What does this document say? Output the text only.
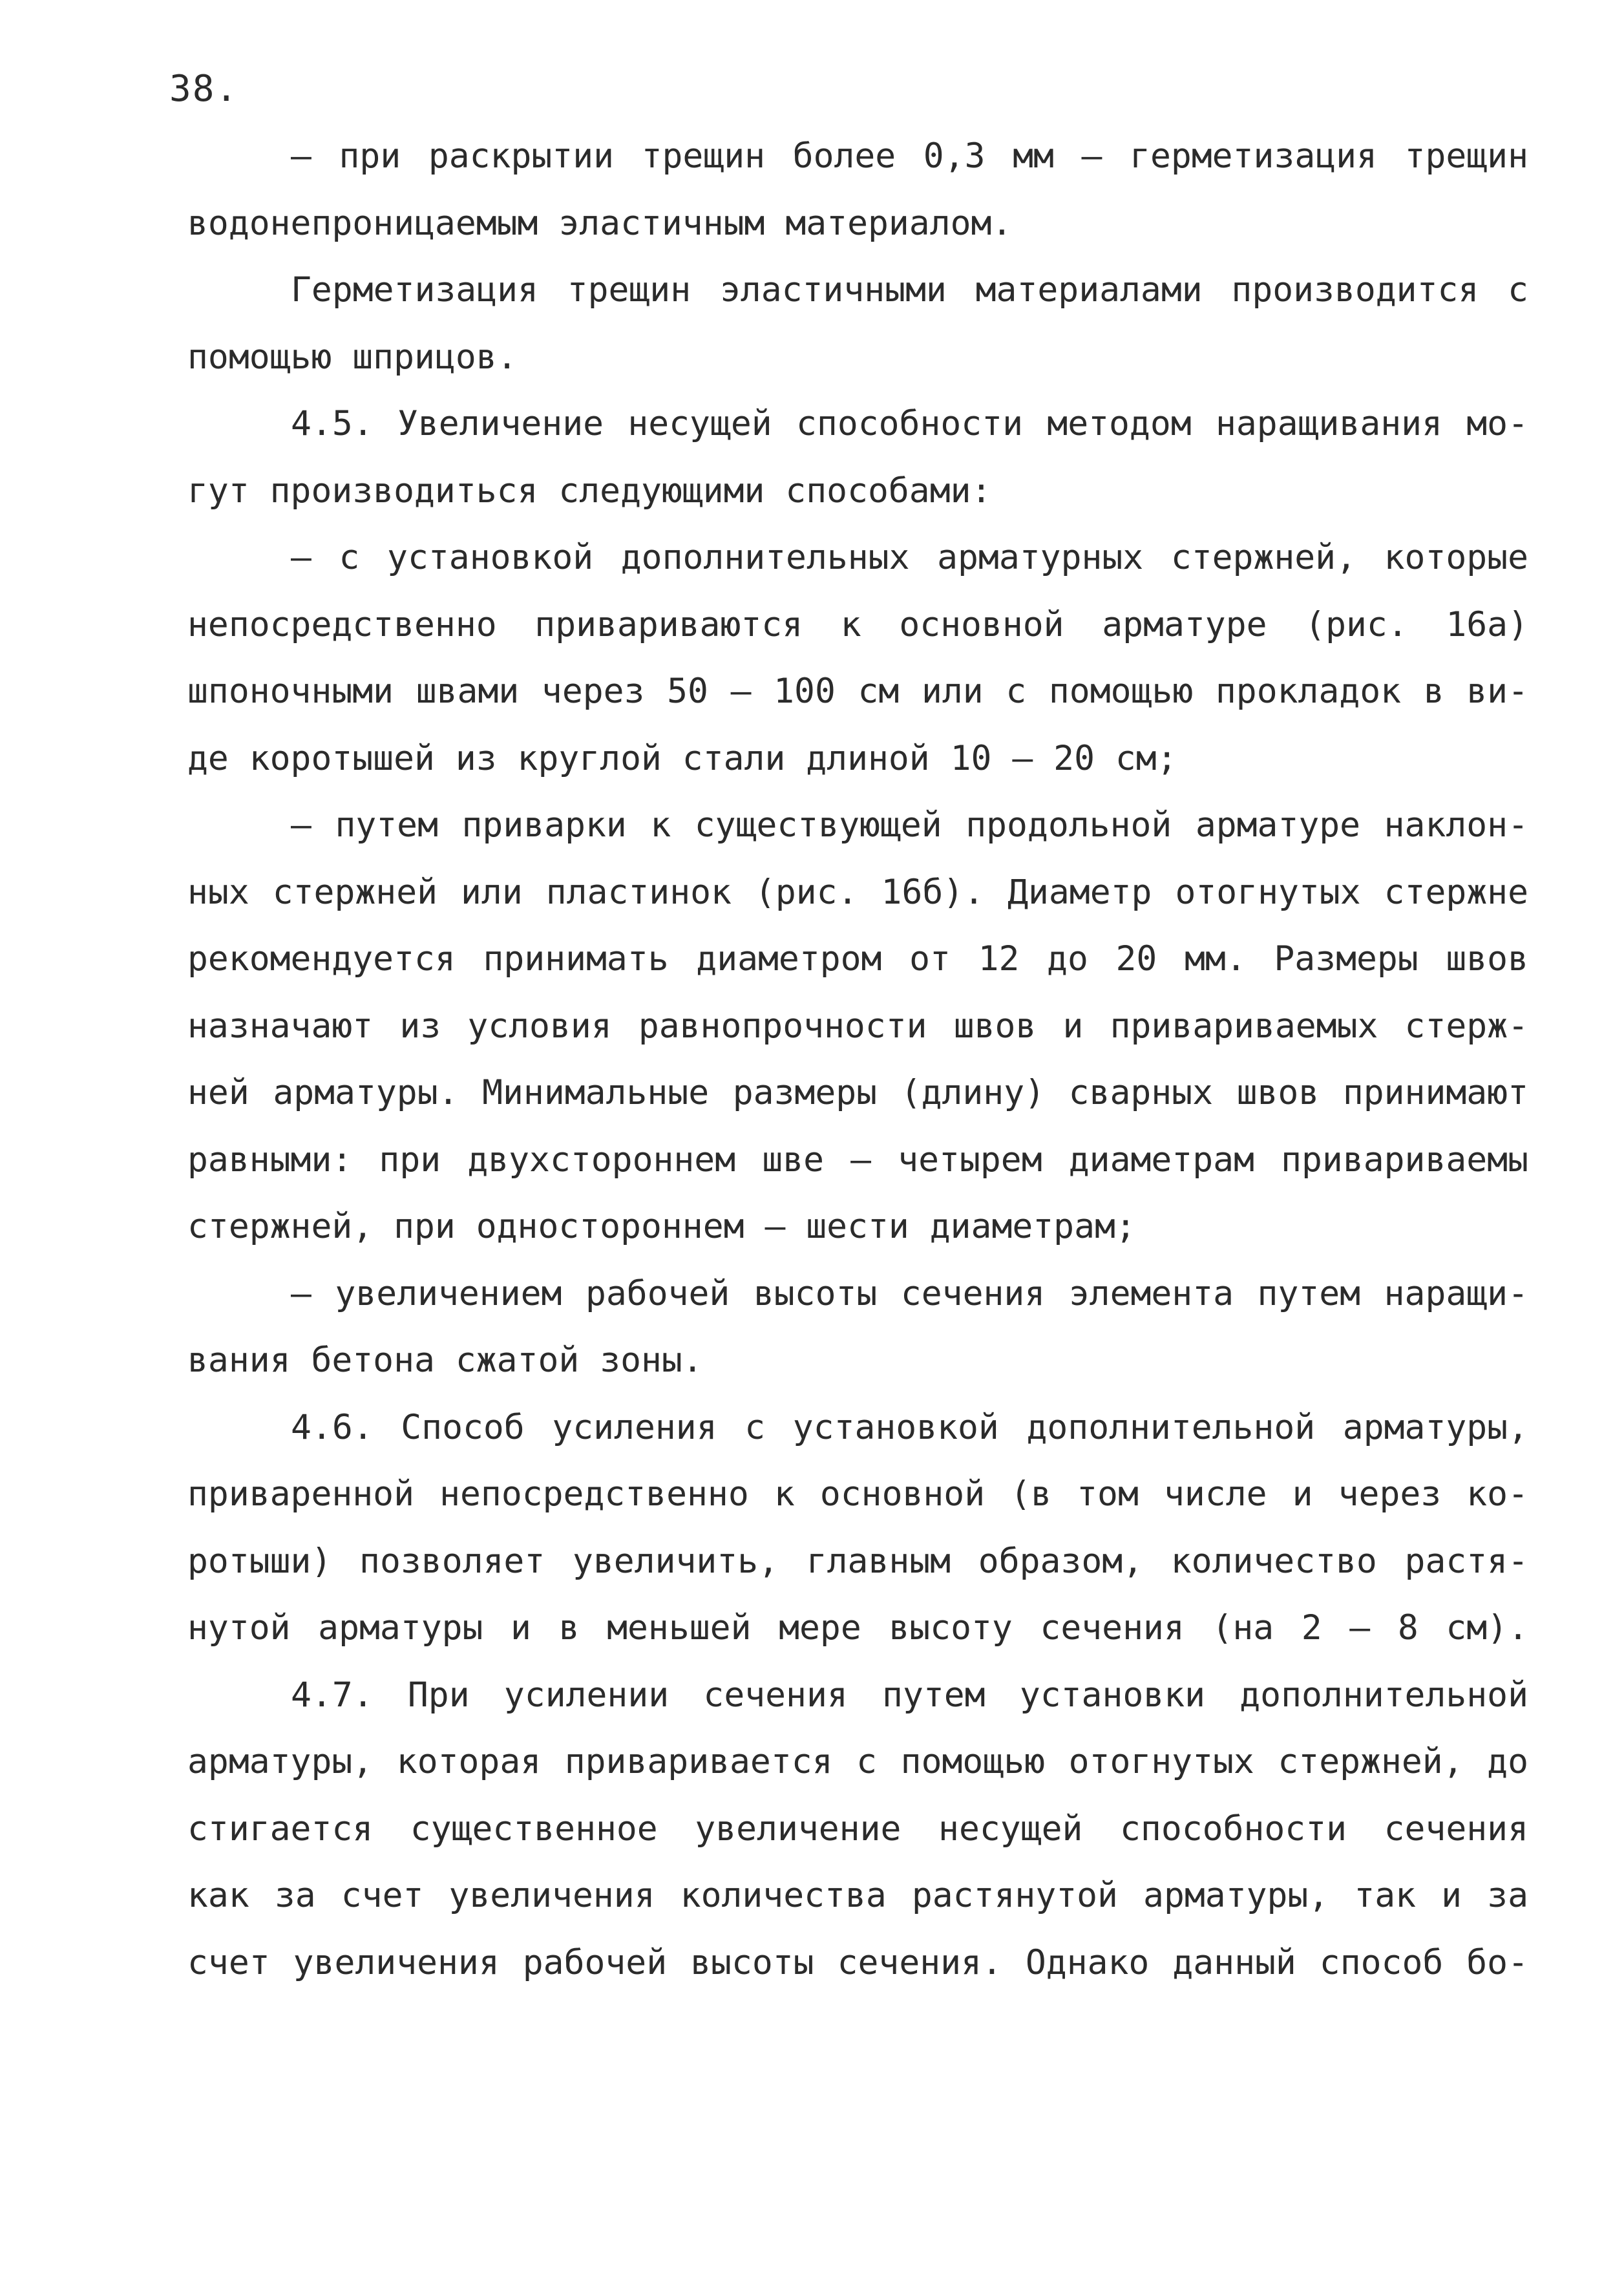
38.
– при раскрытии трещин более 0,3 мм – герметизация трещин
водонепроницаемым эластичным материалом.
Герметизация трещин эластичными материалами производится с
помощью шприцов.
4.5. Увеличение несущей способности методом наращивания мо-
гут производиться следующими способами:
– с установкой дополнительных арматурных стержней, которые
непосредственно привариваются к основной арматуре (рис. 16а)
шпоночными швами через 50 – 100 см или с помощью прокладок в ви-
де коротышей из круглой стали длиной 10 – 20 см;
– путем приварки к существующей продольной арматуре наклон-
ных стержней или пластинок (рис. 16б). Диаметр отогнутых стержне
рекомендуется принимать диаметром от 12 до 20 мм. Размеры швов
назначают из условия равнопрочности швов и привариваемых стерж-
ней арматуры. Минимальные размеры (длину) сварных швов принимают
равными: при двухстороннем шве – четырем диаметрам привариваемы
стержней, при одностороннем – шести диаметрам;
– увеличением рабочей высоты сечения элемента путем наращи-
вания бетона сжатой зоны.
4.6. Способ усиления с установкой дополнительной арматуры,
приваренной непосредственно к основной (в том числе и через ко-
ротыши) позволяет увеличить, главным образом, количество растя-
нутой арматуры и в меньшей мере высоту сечения (на 2 – 8 см).
4.7. При усилении сечения путем установки дополнительной
арматуры, которая приваривается с помощью отогнутых стержней, до
стигается существенное увеличение несущей способности сечения
как за счет увеличения количества растянутой арматуры, так и за
счет увеличения рабочей высоты сечения. Однако данный способ бо-
